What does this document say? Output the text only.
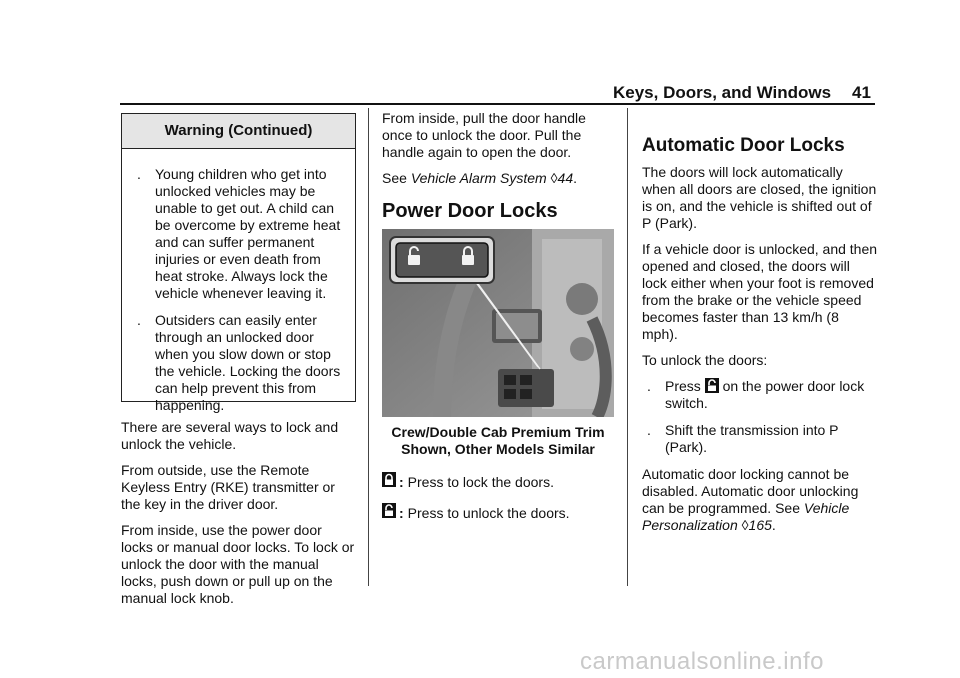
Keys, Doors, and Windows 41
Warning (Continued)
.	Young children who get into unlocked vehicles may be unable to get out. A child can be overcome by extreme heat and can suffer permanent injuries or even death from heat stroke. Always lock the vehicle whenever leaving it.
.	Outsiders can easily enter through an unlocked door when you slow down or stop the vehicle. Locking the doors can help prevent this from happening.

There are several ways to lock and unlock the vehicle.

From outside, use the Remote Keyless Entry (RKE) transmitter or the key in the driver door.

From inside, use the power door locks or manual door locks. To lock or unlock the door with the manual locks, push down or pull up on the manual lock knob.

From inside, pull the door handle once to unlock the door. Pull the handle again to open the door.

See Vehicle Alarm System ◊44.

Power Door Locks
Crew/Double Cab Premium Trim
Shown, Other Models Similar
: Press to lock the doors.
: Press to unlock the doors.
Automatic Door Locks

The doors will lock automatically when all doors are closed, the ignition is on, and the vehicle is shifted out of P (Park).

If a vehicle door is unlocked, and then opened and closed, the doors will lock either when your foot is removed from the brake or the vehicle speed becomes faster than 13 km/h (8 mph).

To unlock the doors:

.	Press on the power door lock switch.
.	Shift the transmission into P (Park).

Automatic door locking cannot be disabled. Automatic door unlocking can be programmed. See Vehicle Personalization ◊165.

carmanualsonline.info
